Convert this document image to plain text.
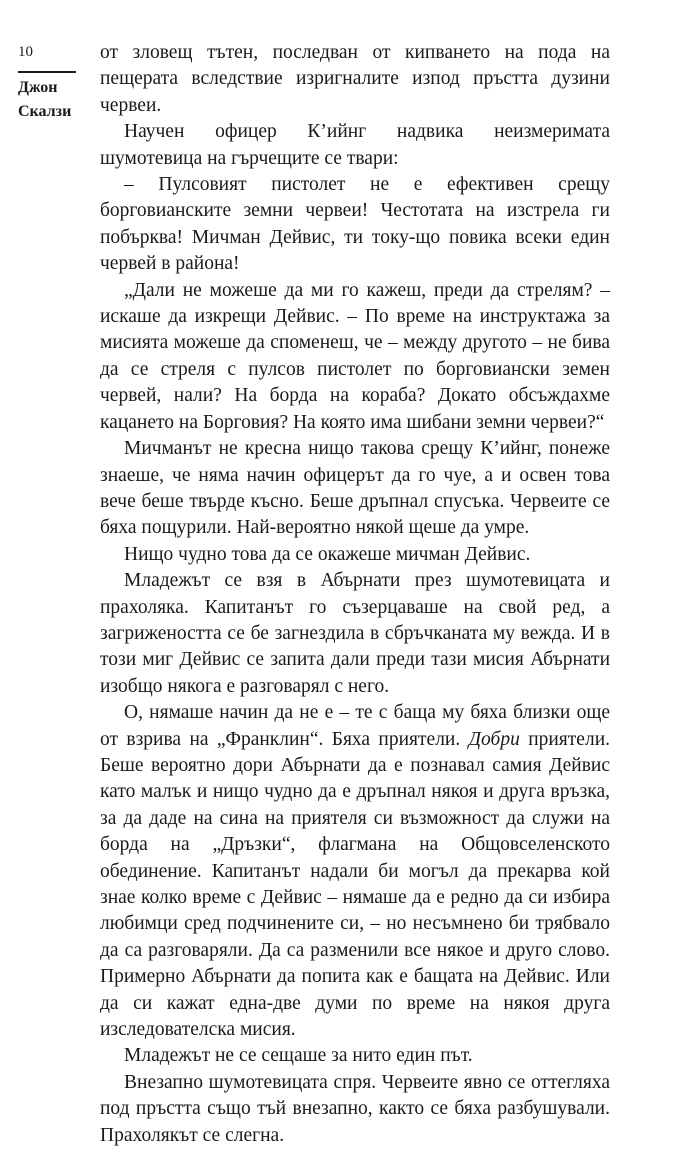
10
Джон
Скалзи

от зловещ тътен, последван от кипването на пода на пещерата вследствие изригналите изпод пръстта дузини червеи.

Научен офицер К’ийнг надвика неизмеримата шумотевица на гърчещите се твари:

– Пулсовият пистолет не е ефективен срещу борговианските земни червеи! Честотата на изстрела ги побърква! Мичман Дейвис, ти току-що повика всеки един червей в района!

„Дали не можеше да ми го кажеш, преди да стрелям? – искаше да изкрещи Дейвис. – По време на инструктажа за мисията можеше да споменеш, че – между другото – не бива да се стреля с пулсов пистолет по борговиански земен червей, нали? На борда на кораба? Докато обсъждахме кацането на Борговия? На която има шибани земни червеи?“

Мичманът не кресна нищо такова срещу К’ийнг, понеже знаеше, че няма начин офицерът да го чуе, а и освен това вече беше твърде късно. Беше дръпнал спусъка. Червеите се бяха пощурили. Най-вероятно някой щеше да умре.

Нищо чудно това да се окажеше мичман Дейвис.

Младежът се взя в Абърнати през шумотевицата и прахоляка. Капитанът го съзерцаваше на свой ред, а загрижеността се бе загнездила в сбръчканата му вежда. И в този миг Дейвис се запита дали преди тази мисия Абърнати изобщо някога е разговарял с него.

О, нямаше начин да не е – те с баща му бяха близки още от взрива на „Франклин“. Бяха приятели. Добри приятели. Беше вероятно дори Абърнати да е познавал самия Дейвис като малък и нищо чудно да е дръпнал някоя и друга връзка, за да даде на сина на приятеля си възможност да служи на борда на „Дръзки“, флагмана на Общовселенското обединение. Капитанът надали би могъл да прекарва кой знае колко време с Дейвис – нямаше да е редно да си избира любимци сред подчинените си, – но несъмнено би трябвало да са разговаряли. Да са разменили все някое и друго слово. Примерно Абърнати да попита как е бащата на Дейвис. Или да си кажат една-две думи по време на някоя друга изследователска мисия.

Младежът не се сещаше за нито един път.

Внезапно шумотевицата спря. Червеите явно се оттегляха под пръстта също тъй внезапно, както се бяха разбушували. Прахолякът се слегна.
